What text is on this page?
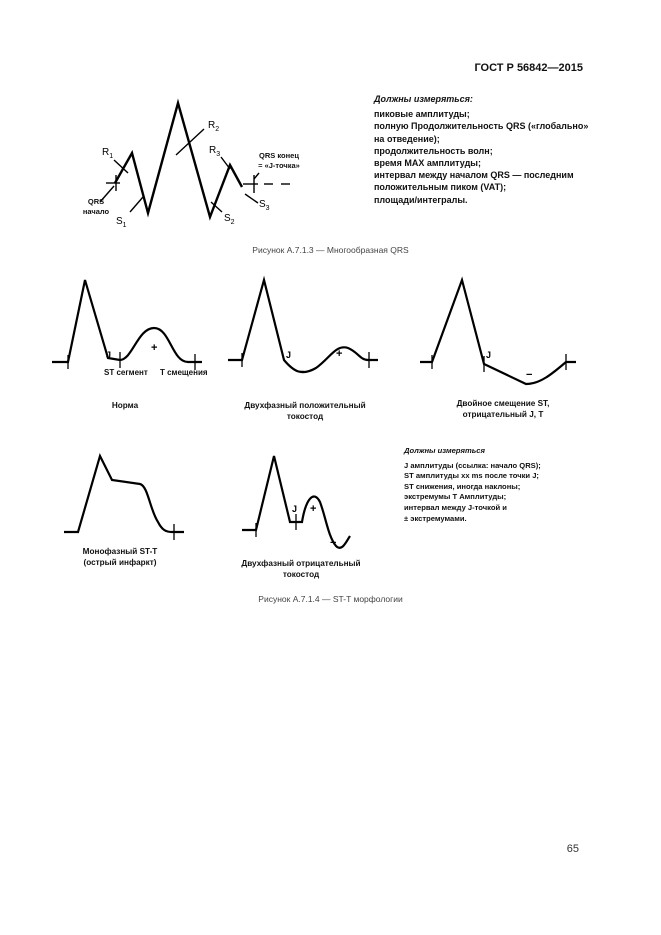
ГОСТ Р 56842—2015
$R_1$
$R_2$
$R_3$
$S_1$
$S_2$
$S_3$
QRS
начало
QRS конец
= «J-точка»
Должны измеряться:
пиковые амплитуды;
полную Продолжительность QRS («глобально» на отведение);
продолжительность волн;
время MAX амплитуды;
интервал между началом QRS — последним положительным пиком (VAT);
площади/интегралы.
Рисунок А.7.1.3 — Многообразная QRS
J
+
ST сегмент	T смещения
Норма
J
−
+
Двухфазный положительный
токостод
J
−
Двойное смещение ST,
отрицательный J, T
Монофазный ST-T
(острый инфаркт)
J +
−
Двухфазный отрицательный
токостод
Должны измеряться
J амплитуды (ссылка: начало QRS);
ST амплитуды xx ms после точки J;
ST снижения, иногда наклоны;
экстремумы T Амплитуды;
интервал между J-точкой и
± экстремумами.
Рисунок А.7.1.4 — ST-T морфологии
65
